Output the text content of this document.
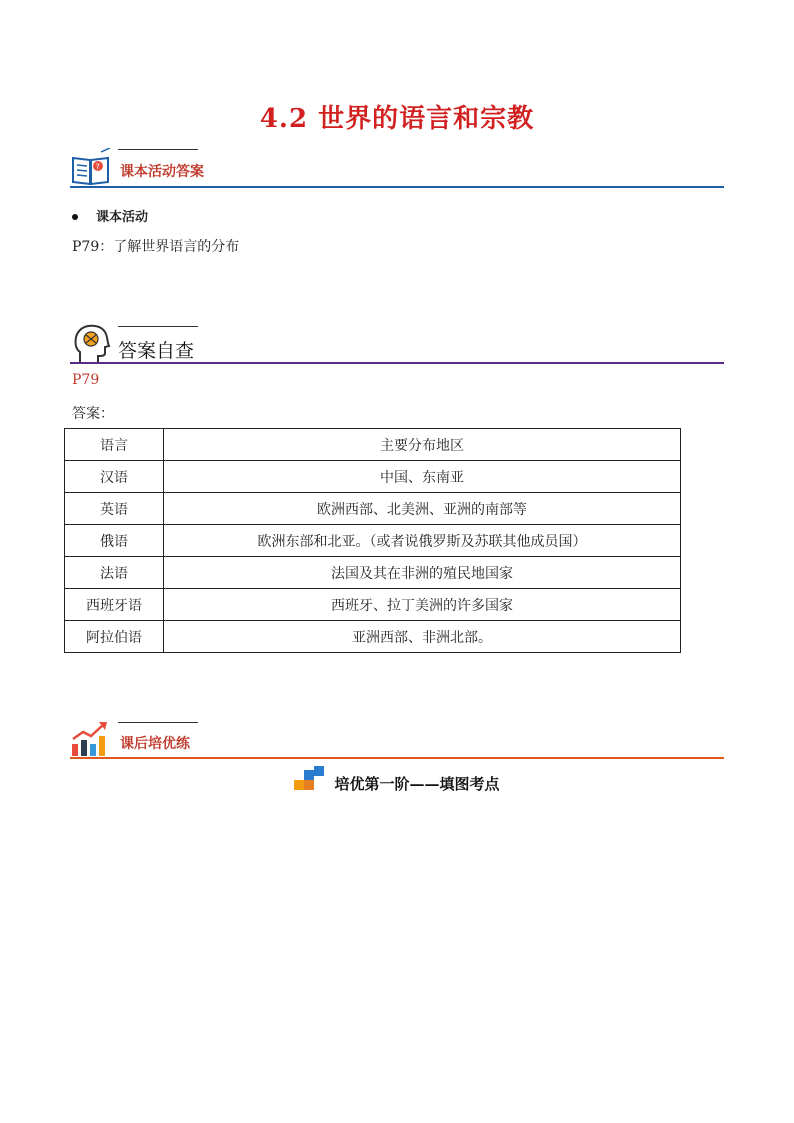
4.2 世界的语言和宗教
? 课本活动答案
课本活动
P79：了解世界语言的分布
答案自查
P79
答案：
语言	主要分布地区
汉语	中国、东南亚
英语	欧洲西部、北美洲、亚洲的南部等
俄语	欧洲东部和北亚。（或者说俄罗斯及苏联其他成员国）
法语	法国及其在非洲的殖民地国家
西班牙语	西班牙、拉丁美洲的许多国家
阿拉伯语	亚洲西部、非洲北部。
课后培优练
培优第一阶——填图考点
